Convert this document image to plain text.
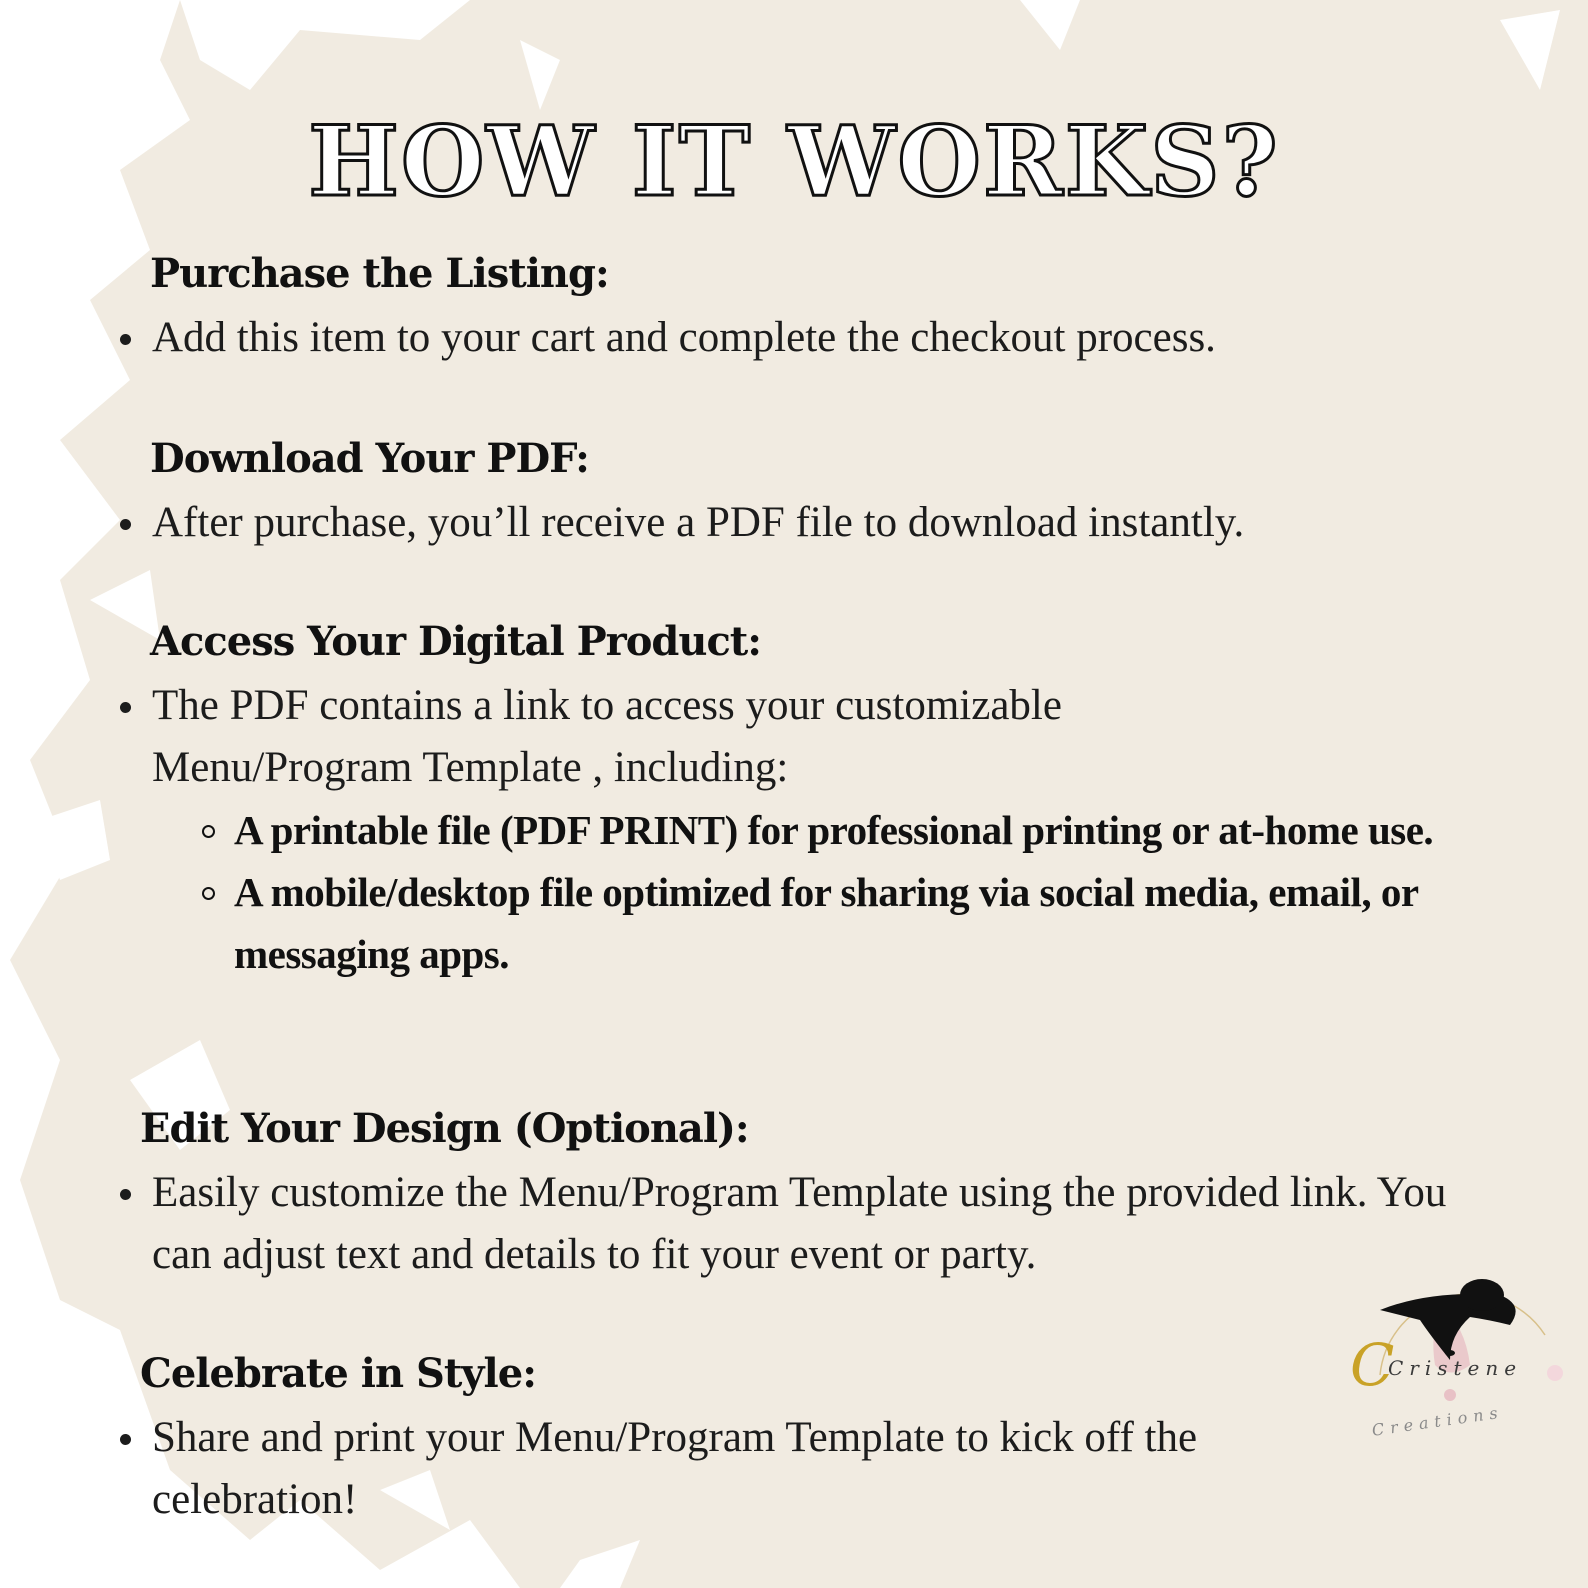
HOW IT WORKS?
Purchase the Listing:
Add this item to your cart and complete the checkout process.
Download Your PDF:
After purchase, you’ll receive a PDF file to download instantly.
Access Your Digital Product:
The PDF contains a link to access your customizable Menu/Program Template , including:
A printable file (PDF PRINT) for professional printing or at-home use.
A mobile/desktop file optimized for sharing via social media, email, or messaging apps.
Edit Your Design (Optional):
Easily customize the Menu/Program Template using the provided link. You can adjust text and details to fit your event or party.
Celebrate in Style:
Share and print your Menu/Program Template to kick off the celebration!
C
Cristene
Creations
